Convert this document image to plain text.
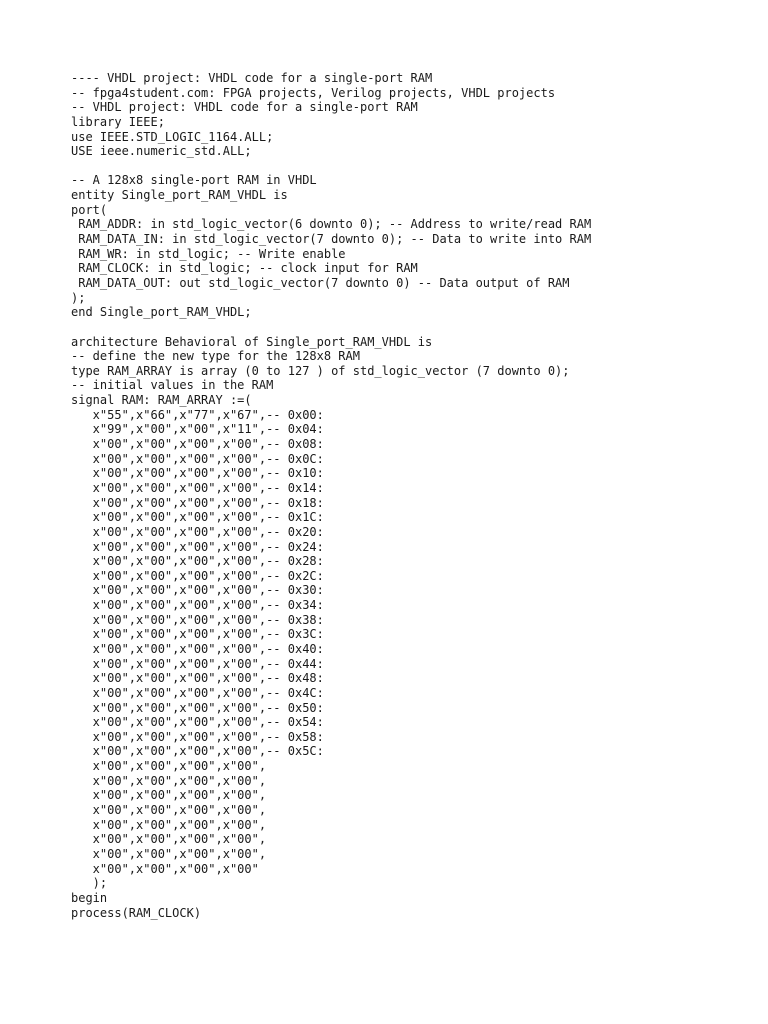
---- VHDL project: VHDL code for a single-port RAM
-- fpga4student.com: FPGA projects, Verilog projects, VHDL projects
-- VHDL project: VHDL code for a single-port RAM
library IEEE;
use IEEE.STD_LOGIC_1164.ALL;
USE ieee.numeric_std.ALL;
-- A 128x8 single-port RAM in VHDL
entity Single_port_RAM_VHDL is
port(
RAM_ADDR: in std_logic_vector(6 downto 0); -- Address to write/read RAM
RAM_DATA_IN: in std_logic_vector(7 downto 0); -- Data to write into RAM
RAM_WR: in std_logic; -- Write enable
RAM_CLOCK: in std_logic; -- clock input for RAM
RAM_DATA_OUT: out std_logic_vector(7 downto 0) -- Data output of RAM
);
end Single_port_RAM_VHDL;
architecture Behavioral of Single_port_RAM_VHDL is
-- define the new type for the 128x8 RAM
type RAM_ARRAY is array (0 to 127 ) of std_logic_vector (7 downto 0);
-- initial values in the RAM
signal RAM: RAM_ARRAY :=(
x"55",x"66",x"77",x"67",-- 0x00:
x"99",x"00",x"00",x"11",-- 0x04:
x"00",x"00",x"00",x"00",-- 0x08:
x"00",x"00",x"00",x"00",-- 0x0C:
x"00",x"00",x"00",x"00",-- 0x10:
x"00",x"00",x"00",x"00",-- 0x14:
x"00",x"00",x"00",x"00",-- 0x18:
x"00",x"00",x"00",x"00",-- 0x1C:
x"00",x"00",x"00",x"00",-- 0x20:
x"00",x"00",x"00",x"00",-- 0x24:
x"00",x"00",x"00",x"00",-- 0x28:
x"00",x"00",x"00",x"00",-- 0x2C:
x"00",x"00",x"00",x"00",-- 0x30:
x"00",x"00",x"00",x"00",-- 0x34:
x"00",x"00",x"00",x"00",-- 0x38:
x"00",x"00",x"00",x"00",-- 0x3C:
x"00",x"00",x"00",x"00",-- 0x40:
x"00",x"00",x"00",x"00",-- 0x44:
x"00",x"00",x"00",x"00",-- 0x48:
x"00",x"00",x"00",x"00",-- 0x4C:
x"00",x"00",x"00",x"00",-- 0x50:
x"00",x"00",x"00",x"00",-- 0x54:
x"00",x"00",x"00",x"00",-- 0x58:
x"00",x"00",x"00",x"00",-- 0x5C:
x"00",x"00",x"00",x"00",
x"00",x"00",x"00",x"00",
x"00",x"00",x"00",x"00",
x"00",x"00",x"00",x"00",
x"00",x"00",x"00",x"00",
x"00",x"00",x"00",x"00",
x"00",x"00",x"00",x"00",
x"00",x"00",x"00",x"00"
);
begin
process(RAM_CLOCK)
